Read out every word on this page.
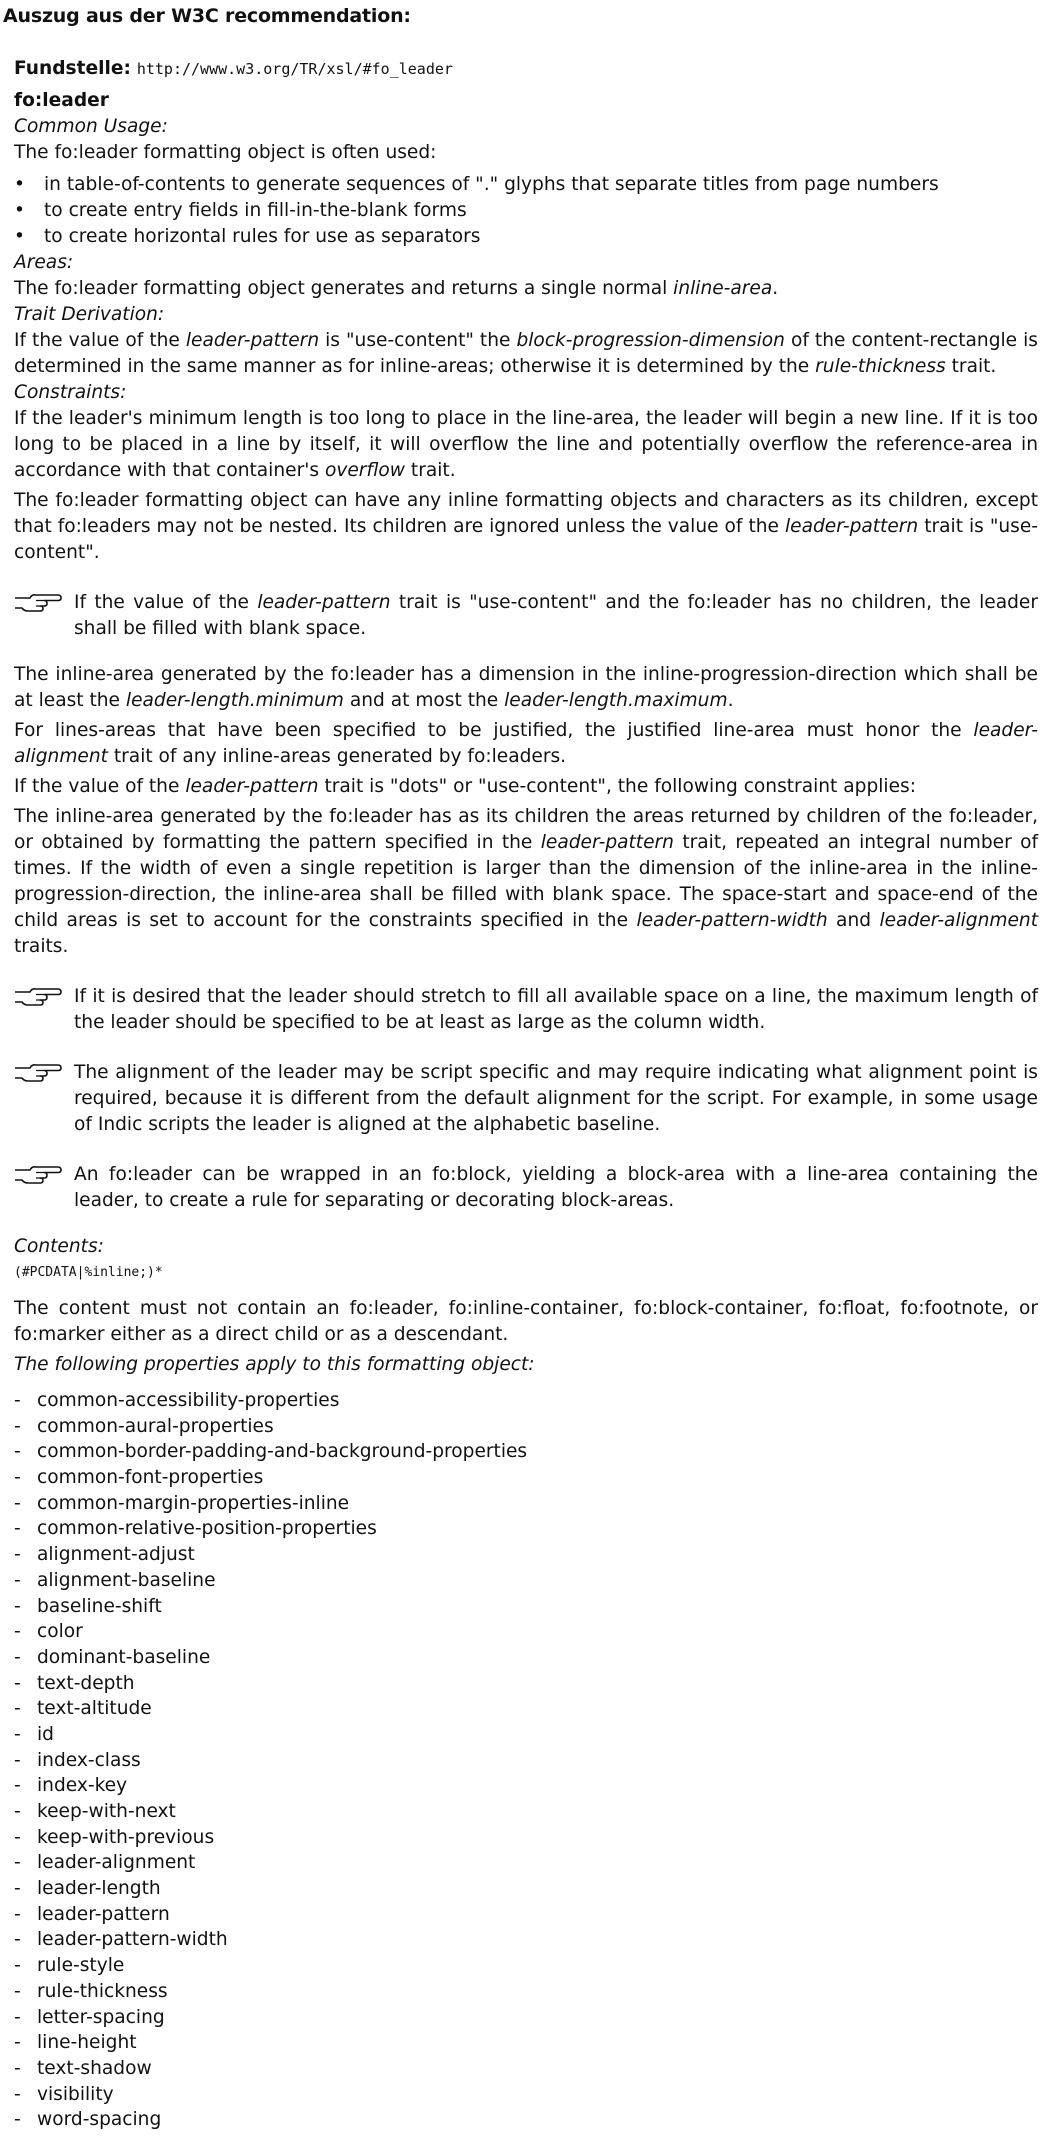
Auszug aus der W3C recommendation:

Fundstelle: http://www.w3.org/TR/xsl/#fo_leader

fo:leader

Common Usage:

The fo:leader formatting object is often used:

• in table-of-contents to generate sequences of "." glyphs that separate titles from page numbers
• to create entry fields in fill-in-the-blank forms
• to create horizontal rules for use as separators

Areas:

The fo:leader formatting object generates and returns a single normal inline-area.

Trait Derivation:

If the value of the leader-pattern is "use-content" the block-progression-dimension of the content-rectangle is determined in the same manner as for inline-areas; otherwise it is determined by the rule-thickness trait.

Constraints:

If the leader's minimum length is too long to place in the line-area, the leader will begin a new line. If it is too long to be placed in a line by itself, it will overflow the line and potentially overflow the reference-area in accordance with that container's overflow trait.

The fo:leader formatting object can have any inline formatting objects and characters as its children, except that fo:leaders may not be nested. Its children are ignored unless the value of the leader-pattern trait is "use-content".

If the value of the leader-pattern trait is "use-content" and the fo:leader has no children, the leader shall be filled with blank space.

The inline-area generated by the fo:leader has a dimension in the inline-progression-direction which shall be at least the leader-length.minimum and at most the leader-length.maximum.

For lines-areas that have been specified to be justified, the justified line-area must honor the leader-alignment trait of any inline-areas generated by fo:leaders.

If the value of the leader-pattern trait is "dots" or "use-content", the following constraint applies:

The inline-area generated by the fo:leader has as its children the areas returned by children of the fo:leader, or obtained by formatting the pattern specified in the leader-pattern trait, repeated an integral number of times. If the width of even a single repetition is larger than the dimension of the inline-area in the inline-progression-direction, the inline-area shall be filled with blank space. The space-start and space-end of the child areas is set to account for the constraints specified in the leader-pattern-width and leader-alignment traits.

If it is desired that the leader should stretch to fill all available space on a line, the maximum length of the leader should be specified to be at least as large as the column width.

The alignment of the leader may be script specific and may require indicating what alignment point is required, because it is different from the default alignment for the script. For example, in some usage of Indic scripts the leader is aligned at the alphabetic baseline.

An fo:leader can be wrapped in an fo:block, yielding a block-area with a line-area containing the leader, to create a rule for separating or decorating block-areas.

Contents:

(#PCDATA|%inline;)*

The content must not contain an fo:leader, fo:inline-container, fo:block-container, fo:float, fo:footnote, or fo:marker either as a direct child or as a descendant.

The following properties apply to this formatting object:

- common-accessibility-properties
- common-aural-properties
- common-border-padding-and-background-properties
- common-font-properties
- common-margin-properties-inline
- common-relative-position-properties
- alignment-adjust
- alignment-baseline
- baseline-shift
- color
- dominant-baseline
- text-depth
- text-altitude
- id
- index-class
- index-key
- keep-with-next
- keep-with-previous
- leader-alignment
- leader-length
- leader-pattern
- leader-pattern-width
- rule-style
- rule-thickness
- letter-spacing
- line-height
- text-shadow
- visibility
- word-spacing
